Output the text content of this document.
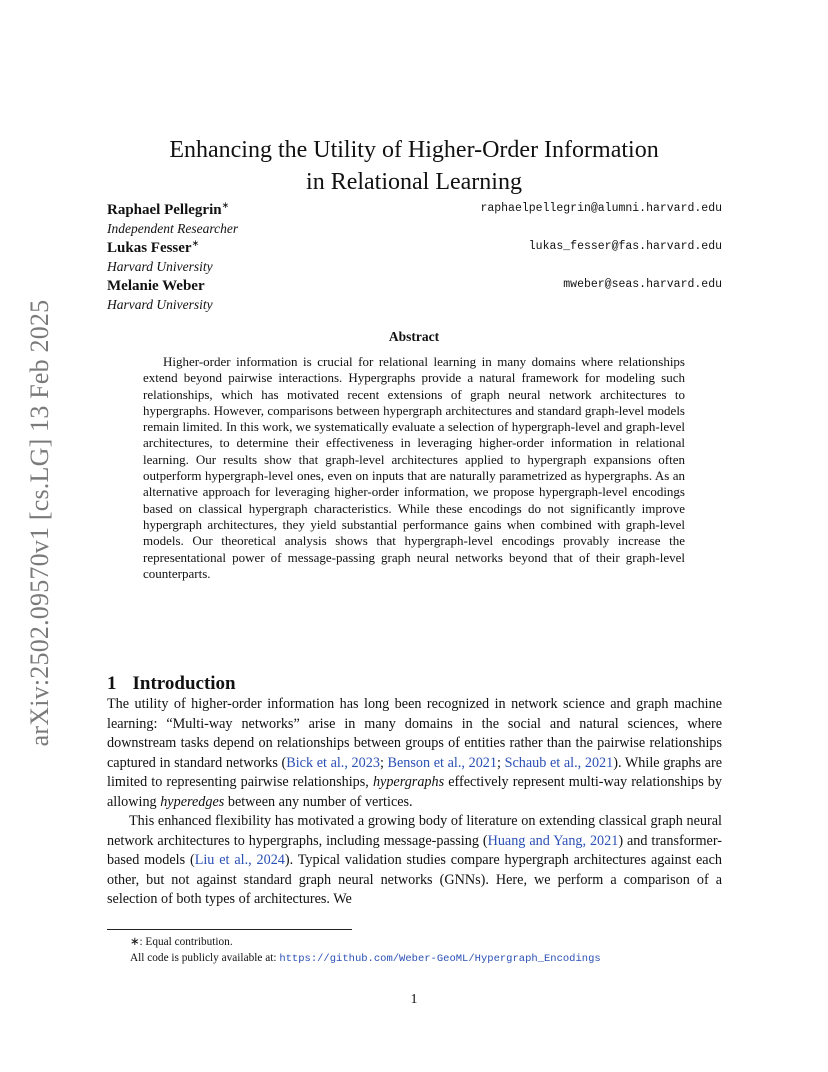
arXiv:2502.09570v1 [cs.LG] 13 Feb 2025
Enhancing the Utility of Higher-Order Information
in Relational Learning
Raphael Pellegrin∗	raphaelpellegrin@alumni.harvard.edu
Independent Researcher
Lukas Fesser∗	lukas_fesser@fas.harvard.edu
Harvard University
Melanie Weber	mweber@seas.harvard.edu
Harvard University
Abstract

Higher-order information is crucial for relational learning in many domains where relationships extend beyond pairwise interactions. Hypergraphs provide a natural framework for modeling such relationships, which has motivated recent extensions of graph neural network architectures to hypergraphs. However, comparisons between hypergraph architectures and standard graph-level models remain limited. In this work, we systematically evaluate a selection of hypergraph-level and graph-level architectures, to determine their effectiveness in leveraging higher-order information in relational learning. Our results show that graph-level architectures applied to hypergraph expansions often outperform hypergraph-level ones, even on inputs that are naturally parametrized as hypergraphs. As an alternative approach for leveraging higher-order information, we propose hypergraph-level encodings based on classical hypergraph characteristics. While these encodings do not significantly improve hypergraph architectures, they yield substantial performance gains when combined with graph-level models. Our theoretical analysis shows that hypergraph-level encodings provably increase the representational power of message-passing graph neural networks beyond that of their graph-level counterparts.

1 Introduction

The utility of higher-order information has long been recognized in network science and graph machine learning: “Multi-way networks” arise in many domains in the social and natural sciences, where downstream tasks depend on relationships between groups of entities rather than the pairwise relationships captured in standard networks (Bick et al., 2023; Benson et al., 2021; Schaub et al., 2021). While graphs are limited to representing pairwise relationships, hypergraphs effectively represent multi-way relationships by allowing hyperedges between any number of vertices.

This enhanced flexibility has motivated a growing body of literature on extending classical graph neural network architectures to hypergraphs, including message-passing (Huang and Yang, 2021) and transformer-based models (Liu et al., 2024). Typical validation studies compare hypergraph architectures against each other, but not against standard graph neural networks (GNNs). Here, we perform a comparison of a selection of both types of architectures. We

∗: Equal contribution.
All code is publicly available at: https://github.com/Weber-GeoML/Hypergraph_Encodings
1
